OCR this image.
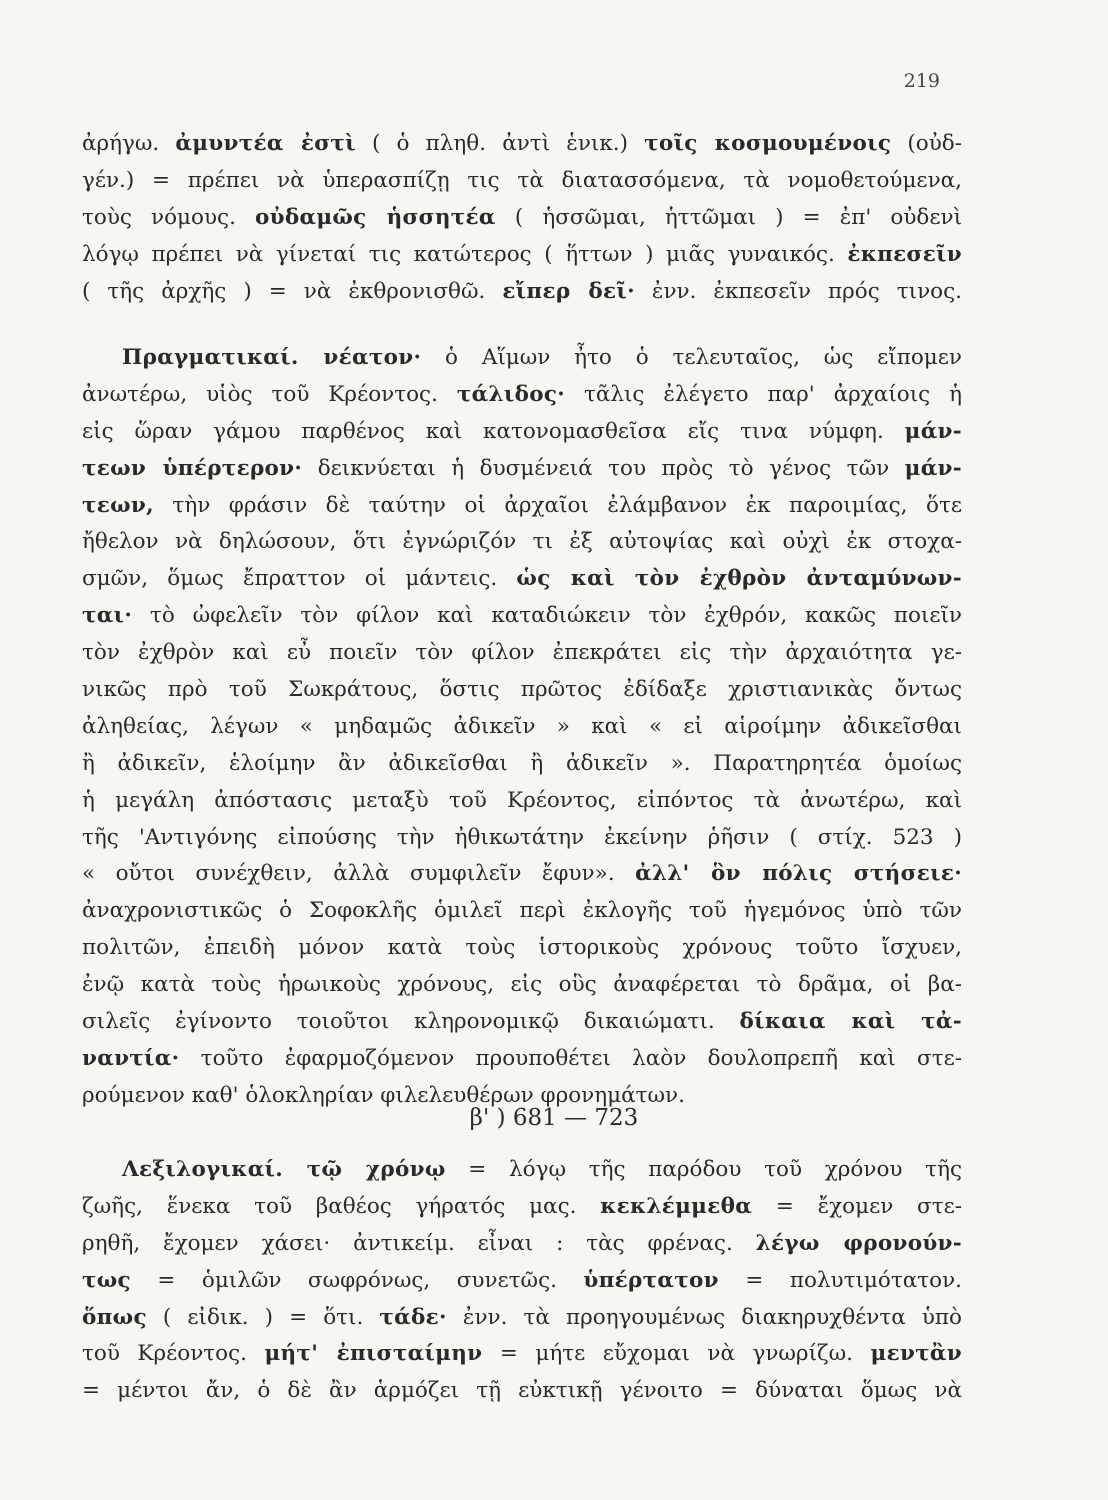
219
ἀρήγω. ἀμυντέα ἐστὶ ( ὁ πληθ. ἀντὶ ἑνικ.) τοῖς κοσμουμένοις (οὐδ-
γέν.) = πρέπει νὰ ὑπερασπίζῃ τις τὰ διατασσόμενα, τὰ νομοθετούμενα,
τοὺς νόμους. οὐδαμῶς ἡσσητέα ( ἡσσῶμαι, ἡττῶμαι ) = ἐπ' οὐδενὶ
λόγῳ πρέπει νὰ γίνεταί τις κατώτερος ( ἥττων ) μιᾶς γυναικός. ἐκπεσεῖν
( τῆς ἀρχῆς ) = νὰ ἐκθρονισθῶ. εἴπερ δεῖ· ἐνν. ἐκπεσεῖν πρός τινος.
Πραγματικαί. νέατον· ὁ Αἵμων ἦτο ὁ τελευταῖος, ὡς εἴπομεν
ἀνωτέρω, υἱὸς τοῦ Κρέοντος. τάλιδος· τᾶλις ἐλέγετο παρ' ἀρχαίοις ἡ
εἰς ὥραν γάμου παρθένος καὶ κατονομασθεῖσα εἴς τινα νύμφη. μάν-
τεων ὑπέρτερον· δεικνύεται ἡ δυσμένειά του πρὸς τὸ γένος τῶν μάν-
τεων, τὴν φράσιν δὲ ταύτην οἱ ἀρχαῖοι ἐλάμβανον ἐκ παροιμίας, ὅτε
ἤθελον νὰ δηλώσουν, ὅτι ἐγνώριζόν τι ἐξ αὐτοψίας καὶ οὐχὶ ἐκ στοχα-
σμῶν, ὅμως ἔπραττον οἱ μάντεις. ὡς καὶ τὸν ἐχθρὸν ἀνταμύνων-
ται· τὸ ὠφελεῖν τὸν φίλον καὶ καταδιώκειν τὸν ἐχθρόν, κακῶς ποιεῖν
τὸν ἐχθρὸν καὶ εὖ ποιεῖν τὸν φίλον ἐπεκράτει εἰς τὴν ἀρχαιότητα γε-
νικῶς πρὸ τοῦ Σωκράτους, ὅστις πρῶτος ἐδίδαξε χριστιανικὰς ὄντως
ἀληθείας, λέγων « μηδαμῶς ἀδικεῖν » καὶ « εἰ αἱροίμην ἀδικεῖσθαι
ἢ ἀδικεῖν, ἑλοίμην ἂν ἀδικεῖσθαι ἢ ἀδικεῖν ». Παρατηρητέα ὁμοίως
ἡ μεγάλη ἀπόστασις μεταξὺ τοῦ Κρέοντος, εἰπόντος τὰ ἀνωτέρω, καὶ
τῆς 'Αντιγόνης εἰπούσης τὴν ἠθικωτάτην ἐκείνην ῥῆσιν ( στίχ. 523 )
« οὔτοι συνέχθειν, ἀλλὰ συμφιλεῖν ἔφυν». ἀλλ' ὃν πόλις στήσειε·
ἀναχρονιστικῶς ὁ Σοφοκλῆς ὁμιλεῖ περὶ ἐκλογῆς τοῦ ἡγεμόνος ὑπὸ τῶν
πολιτῶν, ἐπειδὴ μόνον κατὰ τοὺς ἱστορικοὺς χρόνους τοῦτο ἴσχυεν,
ἐνῷ κατὰ τοὺς ἡρωικοὺς χρόνους, εἰς οὓς ἀναφέρεται τὸ δρᾶμα, οἱ βα-
σιλεῖς ἐγίνοντο τοιοῦτοι κληρονομικῷ δικαιώματι. δίκαια καὶ τἀ-
ναντία· τοῦτο ἐφαρμοζόμενον προυποθέτει λαὸν δουλοπρεπῆ καὶ στε-
ρούμενον καθ' ὁλοκληρίαν φιλελευθέρων φρονημάτων.
β' ) 681 — 723
Λεξιλογικαί. τῷ χρόνῳ = λόγῳ τῆς παρόδου τοῦ χρόνου τῆς
ζωῆς, ἕνεκα τοῦ βαθέος γήρατός μας. κεκλέμμεθα = ἔχομεν στε-
ρηθῆ, ἔχομεν χάσει· ἀντικείμ. εἶναι : τὰς φρένας. λέγω φρονούν-
τως = ὁμιλῶν σωφρόνως, συνετῶς. ὑπέρτατον = πολυτιμότατον.
ὅπως ( εἰδικ. ) = ὅτι. τάδε· ἐνν. τὰ προηγουμένως διακηρυχθέντα ὑπὸ
τοῦ Κρέοντος. μήτ' ἐπισταίμην = μήτε εὔχομαι νὰ γνωρίζω. μεντἂν
= μέντοι ἄν, ὁ δὲ ἂν ἁρμόζει τῇ εὐκτικῇ γένοιτο = δύναται ὅμως νὰ
